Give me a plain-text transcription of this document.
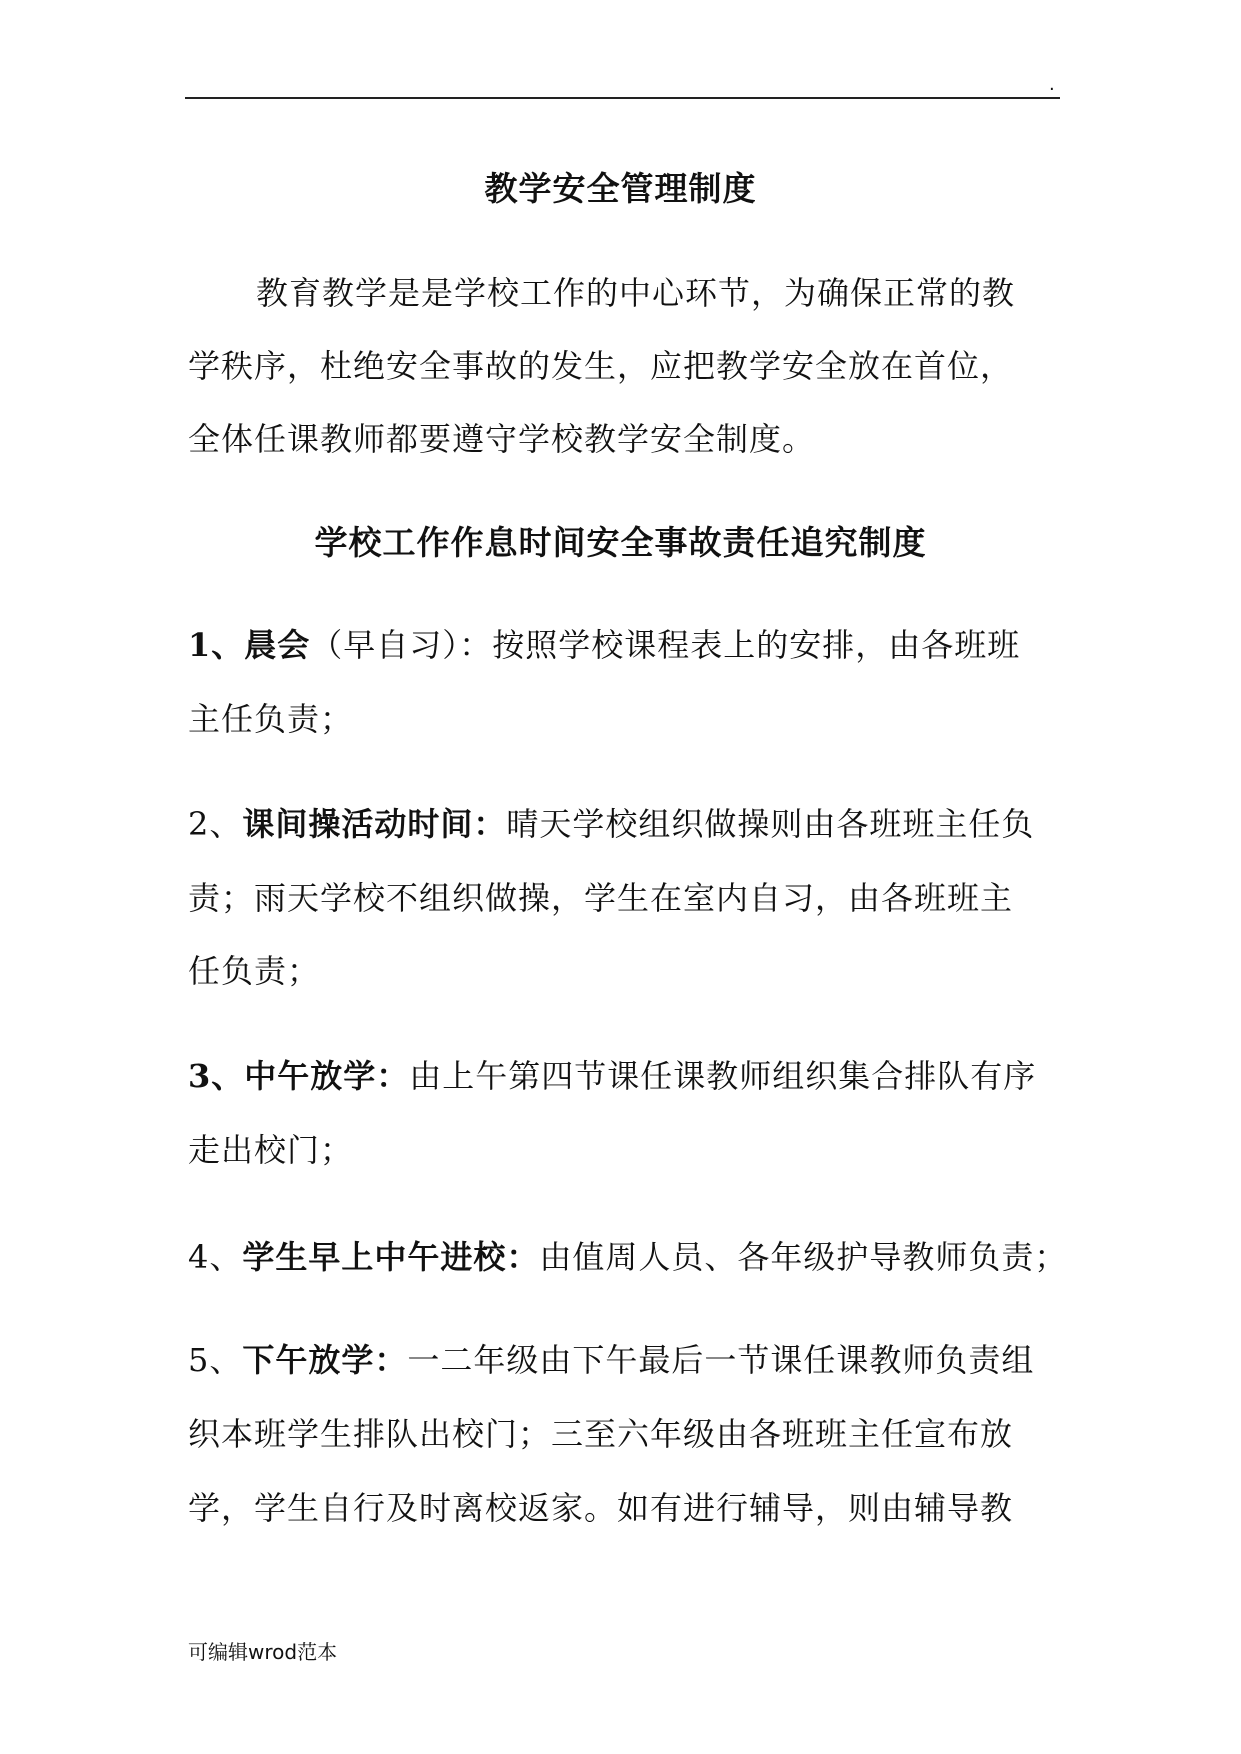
.
教学安全管理制度
教育教学是是学校工作的中心环节，为确保正常的教
学秩序，杜绝安全事故的发生，应把教学安全放在首位，
全体任课教师都要遵守学校教学安全制度。
学校工作作息时间安全事故责任追究制度
1、晨会（早自习）：按照学校课程表上的安排，由各班班
主任负责；
2、课间操活动时间：晴天学校组织做操则由各班班主任负
责；雨天学校不组织做操，学生在室内自习，由各班班主
任负责；
3、中午放学：由上午第四节课任课教师组织集合排队有序
走出校门；
4、学生早上中午进校：由值周人员、各年级护导教师负责；
5、下午放学：一二年级由下午最后一节课任课教师负责组
织本班学生排队出校门；三至六年级由各班班主任宣布放
学，学生自行及时离校返家。如有进行辅导，则由辅导教
可编辑wrod范本
